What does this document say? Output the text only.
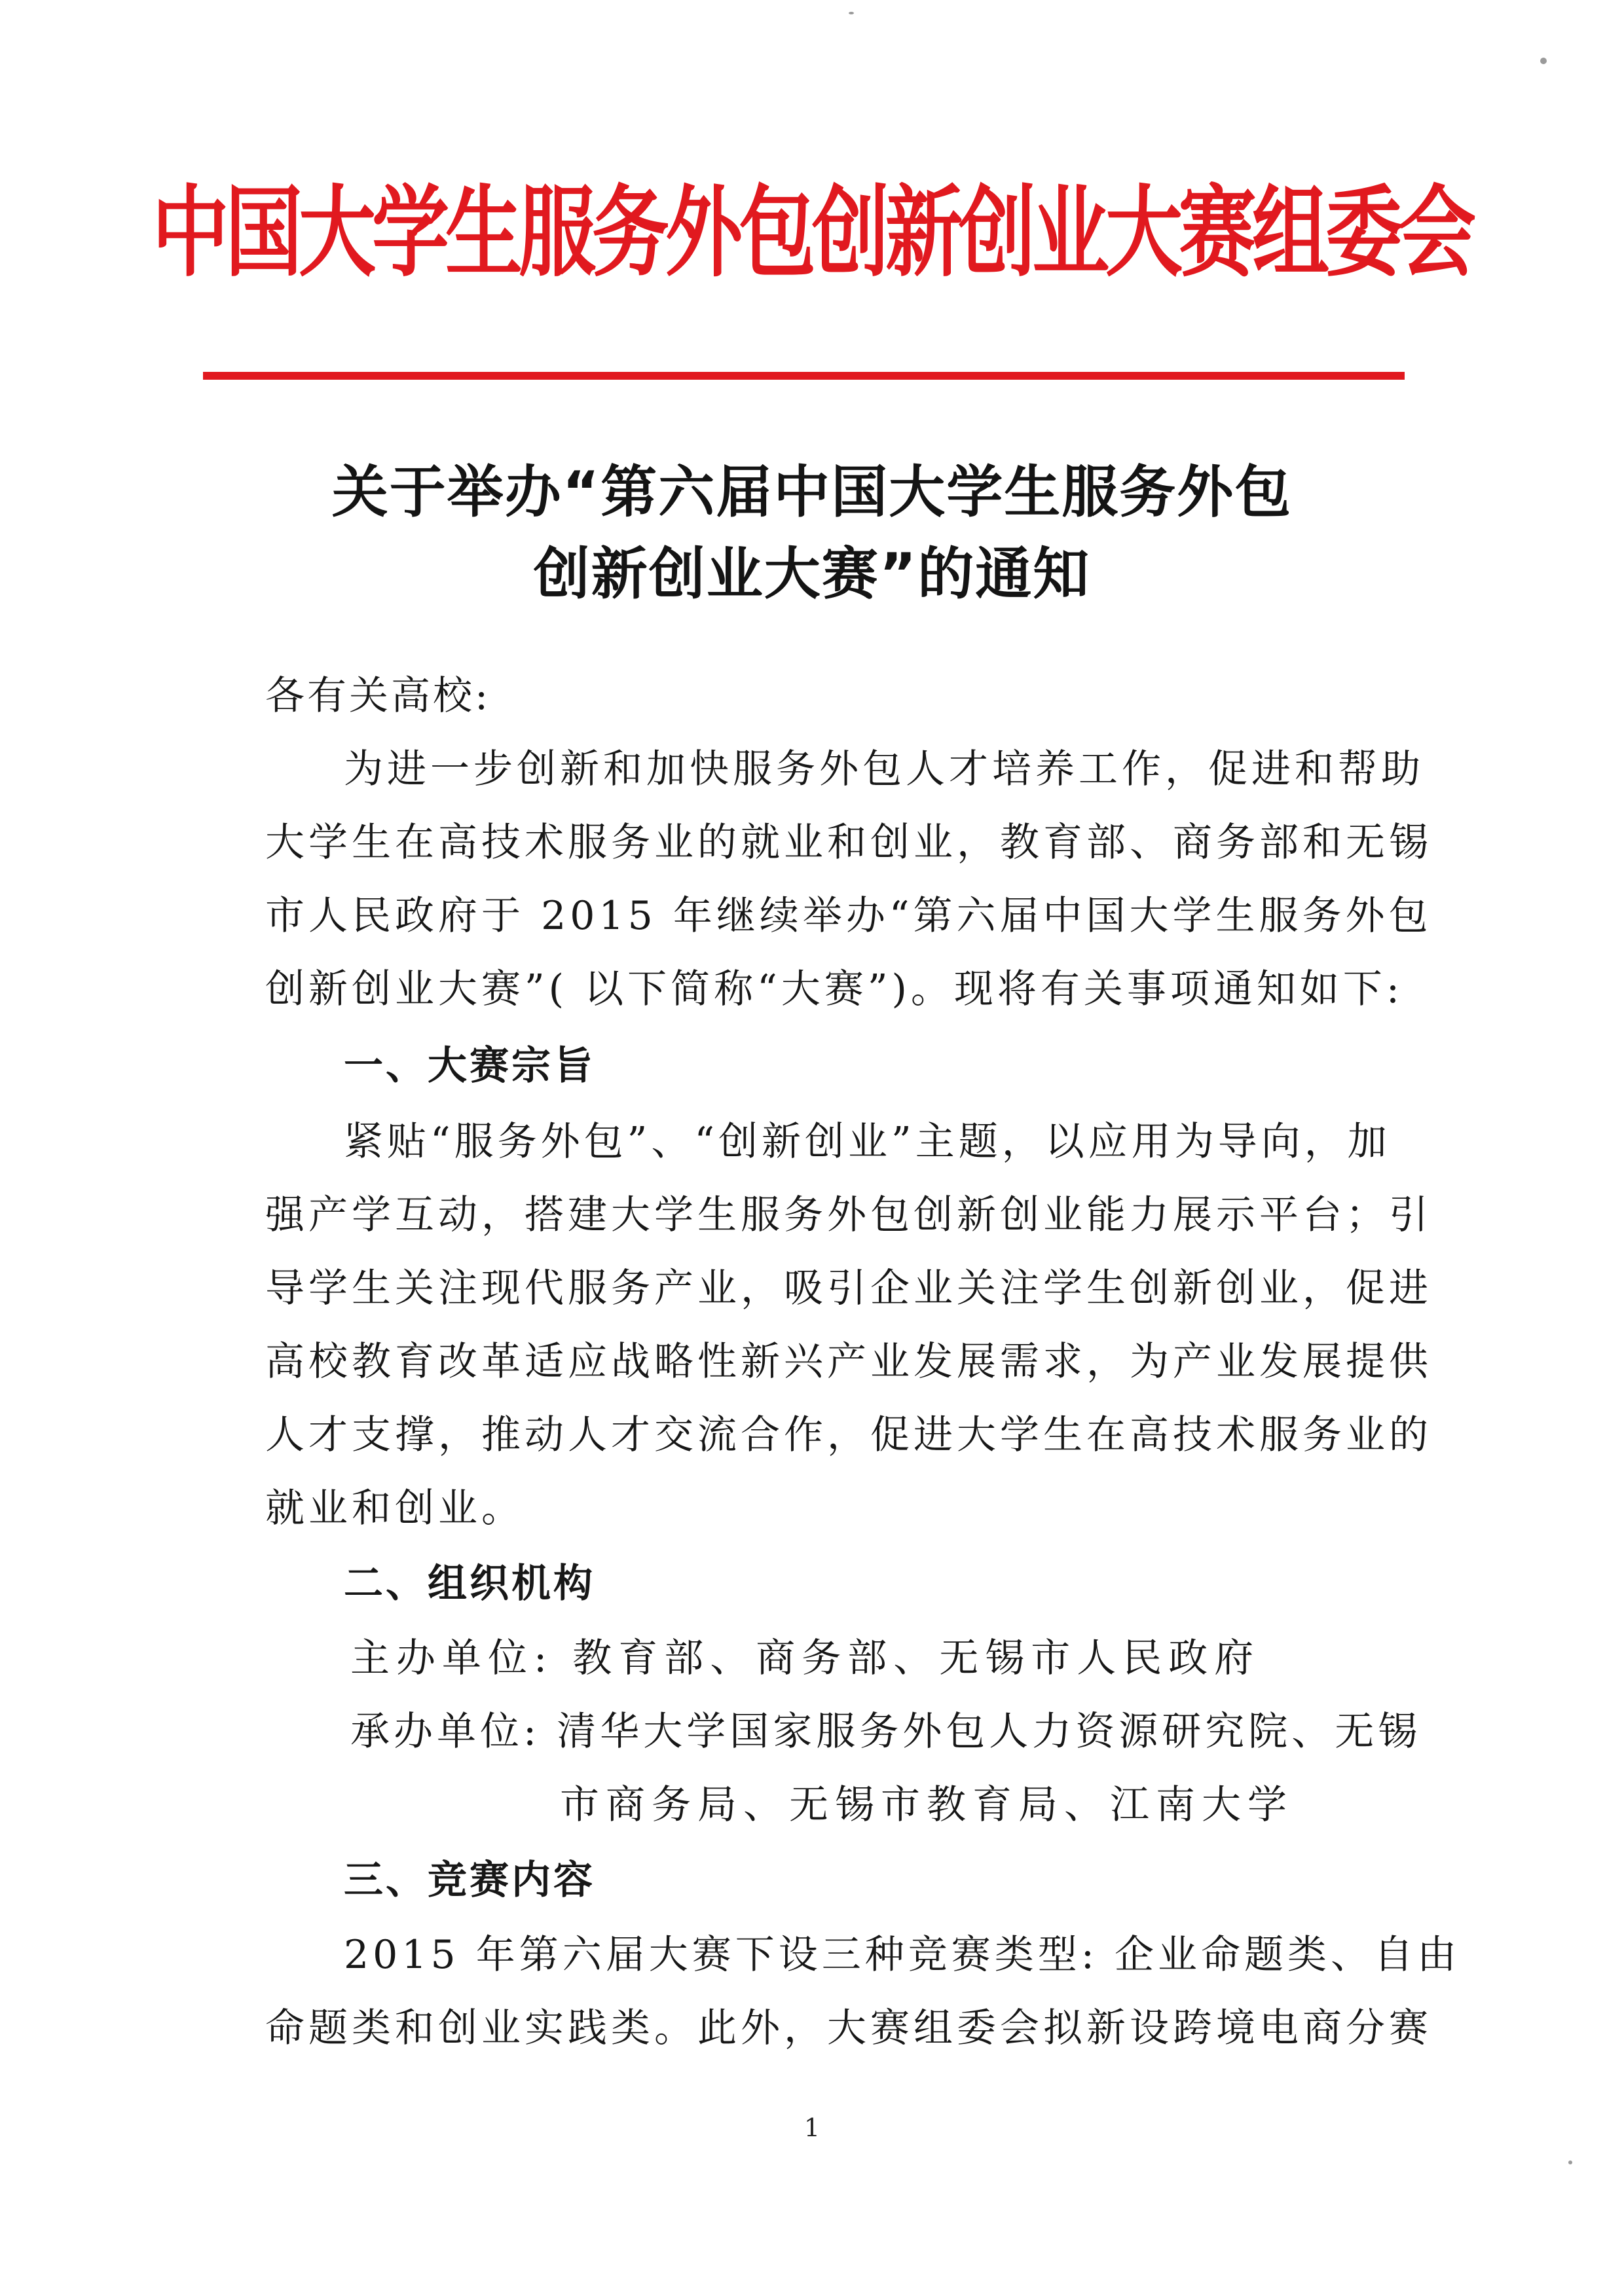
中国大学生服务外包创新创业大赛组委会
关于举办“第六届中国大学生服务外包
创新创业大赛”的通知
各有关高校:
为进一步创新和加快服务外包人才培养工作，促进和帮助
大学生在高技术服务业的就业和创业，教育部、商务部和无锡
市人民政府于 2015 年继续举办“第六届中国大学生服务外包
创新创业大赛”( 以下简称“大赛”)。现将有关事项通知如下:
一、大赛宗旨
紧贴“服务外包”、“创新创业”主题，以应用为导向，加
强产学互动，搭建大学生服务外包创新创业能力展示平台；引
导学生关注现代服务产业，吸引企业关注学生创新创业，促进
高校教育改革适应战略性新兴产业发展需求，为产业发展提供
人才支撑，推动人才交流合作，促进大学生在高技术服务业的
就业和创业。
二、组织机构
主办单位: 教育部、商务部、无锡市人民政府
承办单位: 清华大学国家服务外包人力资源研究院、无锡
市商务局、无锡市教育局、江南大学
三、竞赛内容
2015 年第六届大赛下设三种竞赛类型: 企业命题类、自由
命题类和创业实践类。此外，大赛组委会拟新设跨境电商分赛
1
